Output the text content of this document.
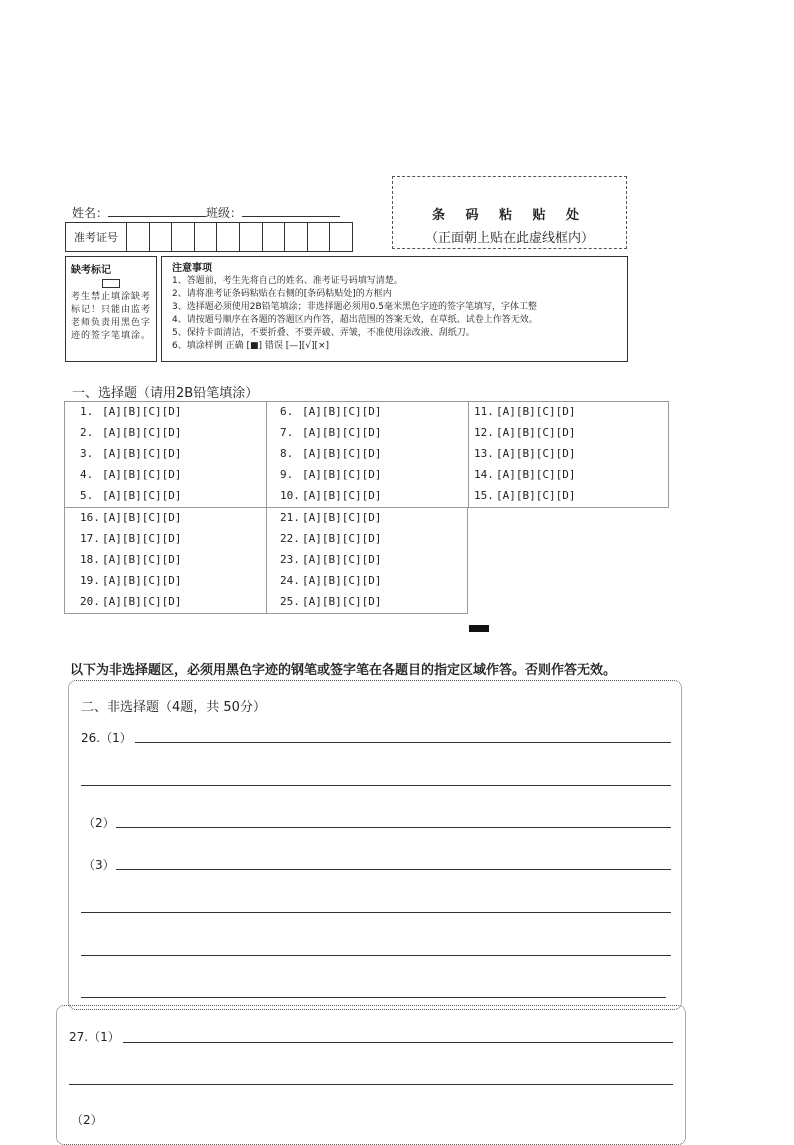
姓名：	班级：	条 码 粘 贴 处
（正面朝上贴在此虚线框内）
准考证号
缺考标记
考生禁止填涂缺考标记！只能由监考老师负责用黑色字迹的签字笔填涂。
注意事项
1、答题前，考生先将自己的姓名、准考证号码填写清楚。
2、请将准考证条码粘贴在右侧的[条码粘贴处]的方框内
3、选择题必须使用2B铅笔填涂；非选择题必须用0.5毫米黑色字迹的签字笔填写，字体工整
4、请按题号顺序在各题的答题区内作答，超出范围的答案无效，在草纸、试卷上作答无效。
5、保持卡面清洁，不要折叠、不要弄破、弄皱，不准使用涂改液、刮纸刀。
6、填涂样例 正确 [■] 错误 [—][√][×]
一、选择题（请用2B铅笔填涂）
1. [A][B][C][D]
2. [A][B][C][D]
3. [A][B][C][D]
4. [A][B][C][D]
5. [A][B][C][D]
6. [A][B][C][D]
7. [A][B][C][D]
8. [A][B][C][D]
9. [A][B][C][D]
10. [A][B][C][D]
11. [A][B][C][D]
12. [A][B][C][D]
13. [A][B][C][D]
14. [A][B][C][D]
15. [A][B][C][D]
16. [A][B][C][D]
17. [A][B][C][D]
18. [A][B][C][D]
19. [A][B][C][D]
20. [A][B][C][D]
21. [A][B][C][D]
22. [A][B][C][D]
23. [A][B][C][D]
24. [A][B][C][D]
25. [A][B][C][D]
以下为非选择题区，必须用黑色字迹的钢笔或签字笔在各题目的指定区域作答。否则作答无效。
二、非选择题（4题，共 50分）
26.（1）
（2）
（3）
27.（1）
（2）
